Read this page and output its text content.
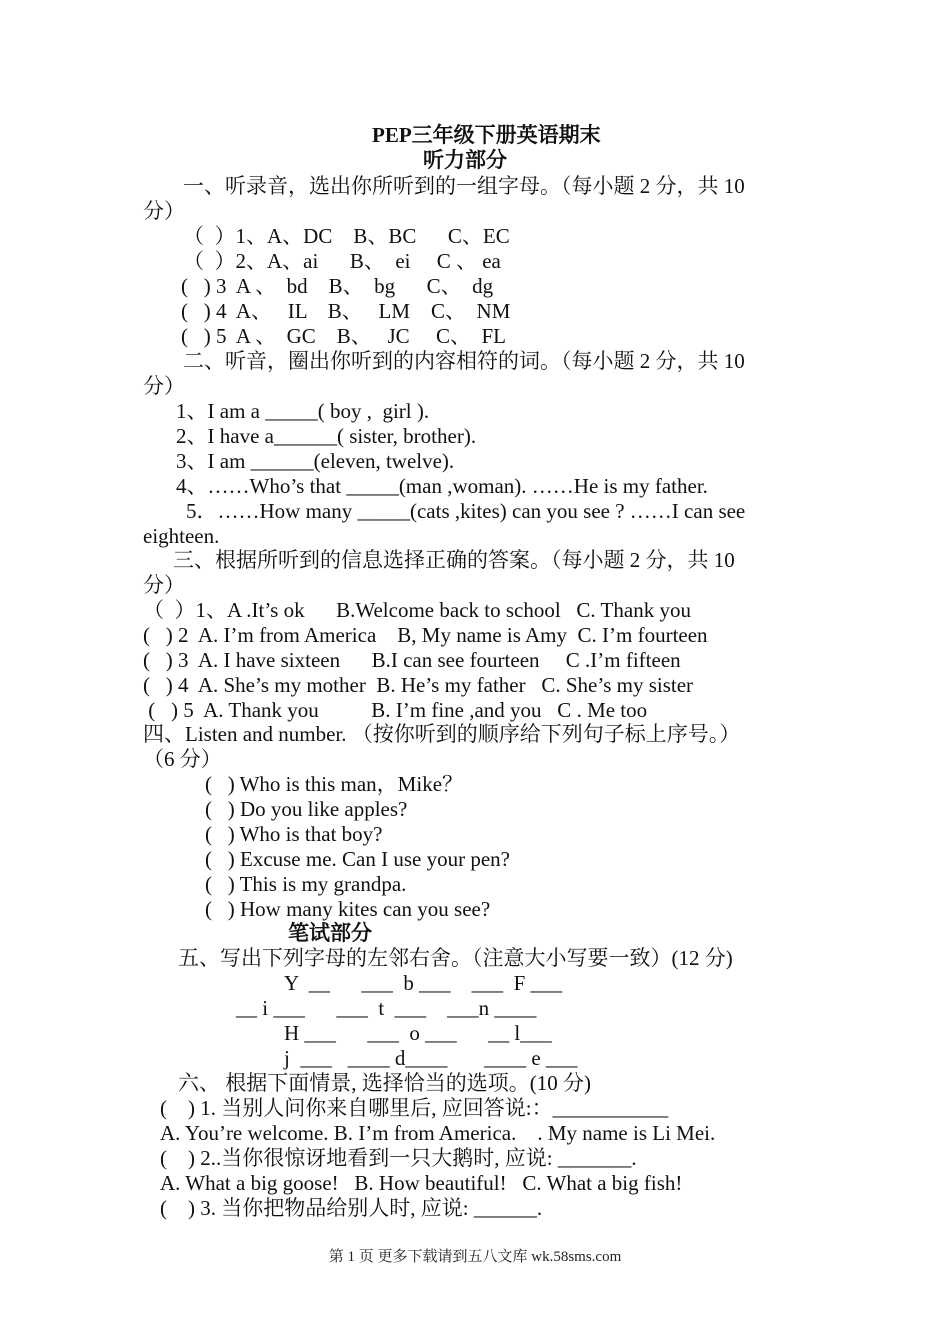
PEP三年级下册英语期末
听力部分
一、听录音，选出你所听到的一组字母。（每小题 2 分，共 10
分）
（  ）1、A、DC    B、BC      C、EC
（  ）2、A、ai      B、  ei     C 、 ea
(   ) 3  A 、  bd    B、  bg      C、  dg
(   ) 4  A、   IL    B、   LM    C、  NM
(   ) 5  A 、  GC    B、   JC     C、  FL
二、听音，圈出你听到的内容相符的词。（每小题 2 分，共 10
分）
1、I am a _____( boy ,  girl ).
2、I have a______( sister, brother).
3、I am ______(eleven, twelve).
4、……Who’s that _____(man ,woman). ……He is my father.
5．……How many _____(cats ,kites) can you see ? ……I can see
eighteen.
三、根据所听到的信息选择正确的答案。（每小题 2 分，共 10
分）
（  ）1、A .It’s ok      B.Welcome back to school   C. Thank you
(   ) 2  A. I’m from America    B, My name is Amy  C. I’m fourteen
(   ) 3  A. I have sixteen      B.I can see fourteen     C .I’m fifteen
(   ) 4  A. She’s my mother  B. He’s my father   C. She’s my sister
(   ) 5  A. Thank you          B. I’m fine ,and you   C . Me too
四、Listen and number. （按你听到的顺序给下列句子标上序号。）
（6 分）
(   ) Who is this man，Mike？
(   ) Do you like apples?
(   ) Who is that boy?
(   ) Excuse me. Can I use your pen?
(   ) This is my grandpa.
(   ) How many kites can you see?
笔试部分
五、写出下列字母的左邻右舍。（注意大小写要一致）(12 分)
Y  __      ___  b ___    ___  F ___
__ i ___      ___  t  ___    ___n ____
H ___      ___  o ___      __ l___
j  ___   ____ d____       ____ e ___
六、 根据下面情景, 选择恰当的选项。(10 分)
(    ) 1. 当别人问你来自哪里后, 应回答说:：___________
A. You’re welcome. B. I’m from America.    . My name is Li Mei.
(    ) 2..当你很惊讶地看到一只大鹅时, 应说: _______.
A. What a big goose!   B. How beautiful!   C. What a big fish!
(    ) 3. 当你把物品给别人时, 应说: ______.
第 1 页 更多下载请到五八文库 wk.58sms.com
